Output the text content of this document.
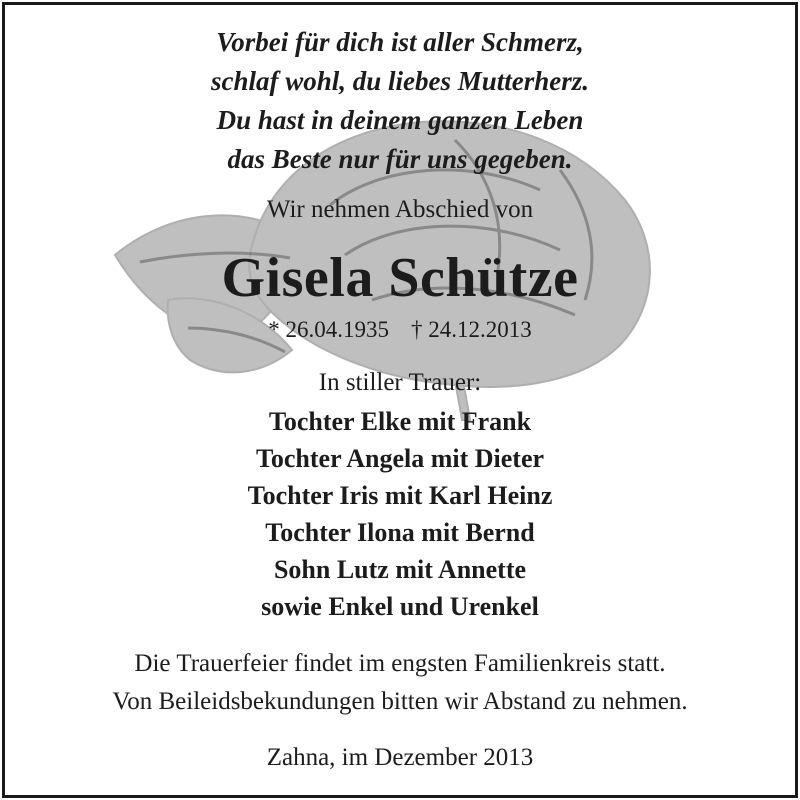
Vorbei für dich ist aller Schmerz,
schlaf wohl, du liebes Mutterherz.
Du hast in deinem ganzen Leben
das Beste nur für uns gegeben.
Wir nehmen Abschied von
Gisela Schütze
* 26.04.1935 † 24.12.2013
In stiller Trauer:
Tochter Elke mit Frank
Tochter Angela mit Dieter
Tochter Iris mit Karl Heinz
Tochter Ilona mit Bernd
Sohn Lutz mit Annette
sowie Enkel und Urenkel
Die Trauerfeier findet im engsten Familienkreis statt.
Von Beileidsbekundungen bitten wir Abstand zu nehmen.
Zahna, im Dezember 2013
